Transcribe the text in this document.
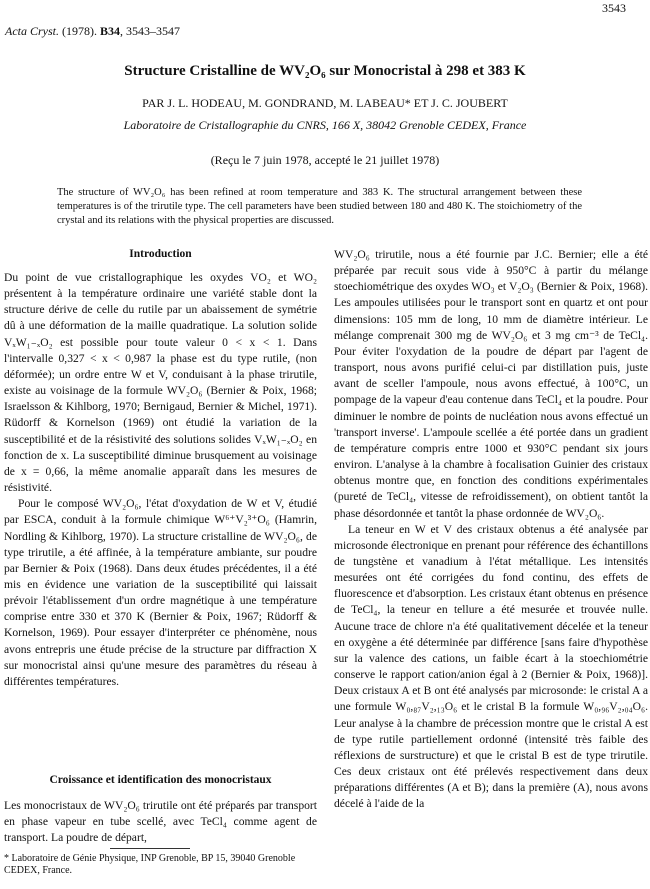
3543
Acta Cryst. (1978). B34, 3543–3547
Structure Cristalline de WV₂O₆ sur Monocristal à 298 et 383 K
PAR J. L. HODEAU, M. GONDRAND, M. LABEAU* ET J. C. JOUBERT
Laboratoire de Cristallographie du CNRS, 166 X, 38042 Grenoble CEDEX, France
(Reçu le 7 juin 1978, accepté le 21 juillet 1978)
The structure of WV₂O₆ has been refined at room temperature and 383 K. The structural arrangement between these temperatures is of the trirutile type. The cell parameters have been studied between 180 and 480 K. The stoichiometry of the crystal and its relations with the physical properties are discussed.
Introduction

Du point de vue cristallographique les oxydes VO₂ et WO₂ présentent à la température ordinaire une variété stable dont la structure dérive de celle du rutile par un abaissement de symétrie dû à une déformation de la maille quadratique. La solution solide VₓW₁₋ₓO₂ est possible pour toute valeur 0 < x < 1. Dans l'intervalle 0,327 < x < 0,987 la phase est du type rutile, (non déformée); un ordre entre W et V, conduisant à la phase trirutile, existe au voisinage de la formule WV₂O₆ (Bernier & Poix, 1968; Israelsson & Kihlborg, 1970; Bernigaud, Bernier & Michel, 1971). Rüdorff & Kornelson (1969) ont étudié la variation de la susceptibilité et de la résistivité des solutions solides VₓW₁₋ₓO₂ en fonction de x. La susceptibilité diminue brusquement au voisinage de x = 0,66, la même anomalie apparaît dans les mesures de résistivité.

Pour le composé WV₂O₆, l'état d'oxydation de W et V, étudié par ESCA, conduit à la formule chimique W⁶⁺V₂³⁺O₆ (Hamrin, Nordling & Kihlborg, 1970). La structure cristalline de WV₂O₆, de type trirutile, a été affinée, à la température ambiante, sur poudre par Bernier & Poix (1968). Dans deux études précédentes, il a été mis en évidence une variation de la susceptibilité qui laissait prévoir l'établissement d'un ordre magnétique à une température comprise entre 330 et 370 K (Bernier & Poix, 1967; Rüdorff & Kornelson, 1969). Pour essayer d'interpréter ce phénomène, nous avons entrepris une étude précise de la structure par diffraction X sur monocristal ainsi qu'une mesure des paramètres du réseau à différentes températures.

Croissance et identification des monocristaux

Les monocristaux de WV₂O₆ trirutile ont été préparés par transport en phase vapeur en tube scellé, avec TeCl₄ comme agent de transport. La poudre de départ,

* Laboratoire de Génie Physique, INP Grenoble, BP 15, 39040 Grenoble CEDEX, France.

WV₂O₆ trirutile, nous a été fournie par J.C. Bernier; elle a été préparée par recuit sous vide à 950°C à partir du mélange stoechiométrique des oxydes WO₃ et V₂O₃ (Bernier & Poix, 1968). Les ampoules utilisées pour le transport sont en quartz et ont pour dimensions: 105 mm de long, 10 mm de diamètre intérieur. Le mélange comprenait 300 mg de WV₂O₆ et 3 mg cm⁻³ de TeCl₄. Pour éviter l'oxydation de la poudre de départ par l'agent de transport, nous avons purifié celui-ci par distillation puis, juste avant de sceller l'ampoule, nous avons effectué, à 100°C, un pompage de la vapeur d'eau contenue dans TeCl₄ et la poudre. Pour diminuer le nombre de points de nucléation nous avons effectué un 'transport inverse'. L'ampoule scellée a été portée dans un gradient de température compris entre 1000 et 930°C pendant six jours environ. L'analyse à la chambre à focalisation Guinier des cristaux obtenus montre que, en fonction des conditions expérimentales (pureté de TeCl₄, vitesse de refroidissement), on obtient tantôt la phase désordonnée et tantôt la phase ordonnée de WV₂O₆.

La teneur en W et V des cristaux obtenus a été analysée par microsonde électronique en prenant pour référence des échantillons de tungstène et vanadium à l'état métallique. Les intensités mesurées ont été corrigées du fond continu, des effets de fluorescence et d'absorption. Les cristaux étant obtenus en présence de TeCl₄, la teneur en tellure a été mesurée et trouvée nulle. Aucune trace de chlore n'a été qualitativement décelée et la teneur en oxygène a été déterminée par différence [sans faire d'hypothèse sur la valence des cations, un faible écart à la stoechiométrie conserve le rapport cation/anion égal à 2 (Bernier & Poix, 1968)]. Deux cristaux A et B ont été analysés par microsonde: le cristal A a une formule W₀,₈₇V₂,₁₃O₆ et le cristal B la formule W₀,₉₆V₂,₀₄O₆. Leur analyse à la chambre de précession montre que le cristal A est de type rutile partiellement ordonné (intensité très faible des réflexions de surstructure) et que le cristal B est de type trirutile. Ces deux cristaux ont été prélevés respectivement dans deux préparations différentes (A et B); dans la première (A), nous avons décelé à l'aide de la
